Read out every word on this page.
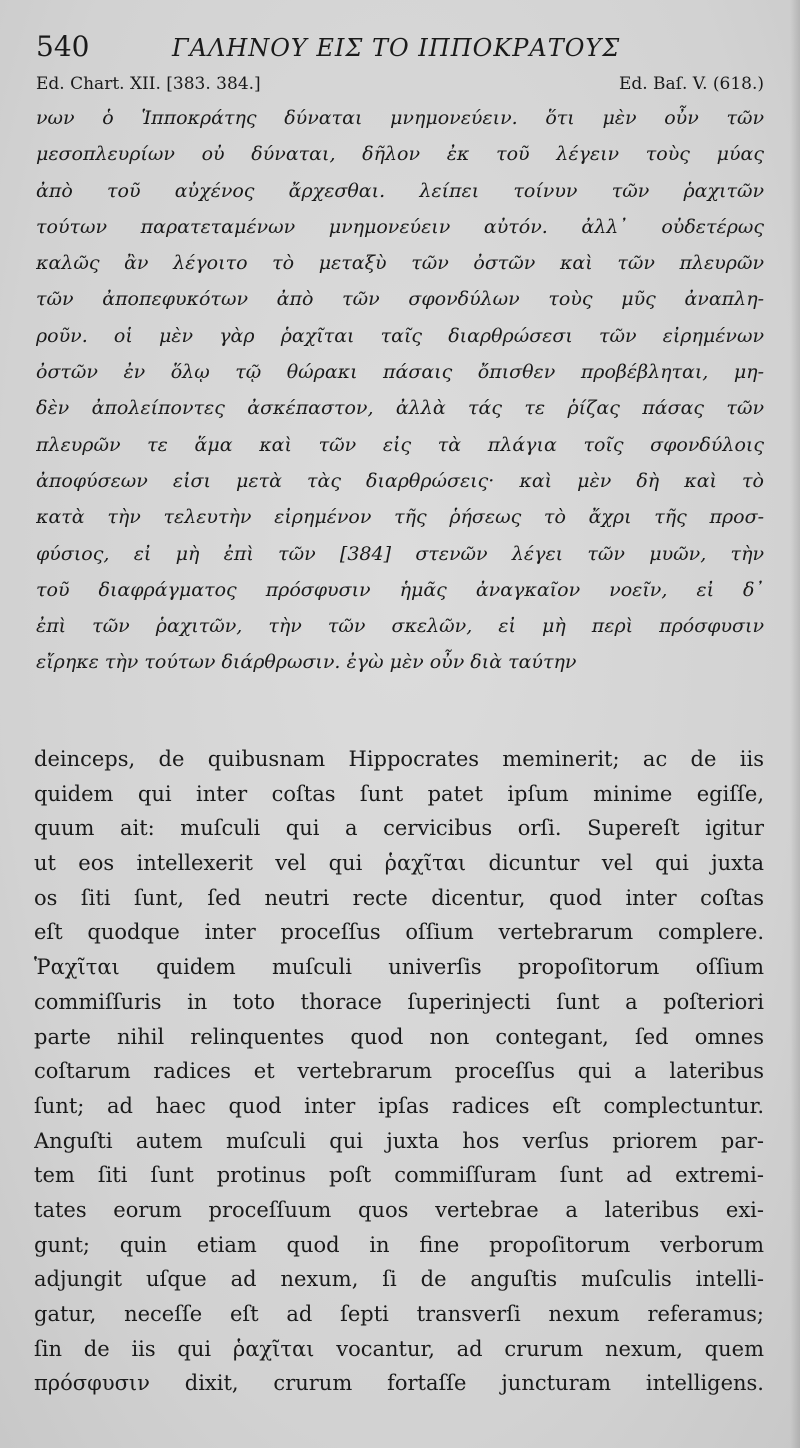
540	ΓΑΛΗΝΟΥ ΕΙΣ ΤΟ ΙΠΠΟΚΡΑΤΟΥΣ
Ed. Chart. XII. [383. 384.]	Ed. Baſ. V. (618.)
νων ὁ Ἱπποκράτης δύναται μνημονεύειν. ὅτι μὲν οὖν τῶν
μεσοπλευρίων οὐ δύναται, δῆλον ἐκ τοῦ λέγειν τοὺς μύας
ἀπὸ τοῦ αὐχένος ἄρχεσθαι. λείπει τοίνυν τῶν ῥαχιτῶν
τούτων παρατεταμένων μνημονεύειν αὐτόν. ἀλλ᾽ οὐδετέρως
καλῶς ἂν λέγοιτο τὸ μεταξὺ τῶν ὀστῶν καὶ τῶν πλευρῶν
τῶν ἀποπεφυκότων ἀπὸ τῶν σφονδύλων τοὺς μῦς ἀναπλη-
ροῦν. οἱ μὲν γὰρ ῥαχῖται ταῖς διαρθρώσεσι τῶν εἰρημένων
ὀστῶν ἐν ὅλῳ τῷ θώρακι πάσαις ὄπισθεν προβέβληται, μη-
δὲν ἀπολείποντες ἀσκέπαστον, ἀλλὰ τάς τε ῥίζας πάσας τῶν
πλευρῶν τε ἅμα καὶ τῶν εἰς τὰ πλάγια τοῖς σφονδύλοις
ἀποφύσεων εἰσι μετὰ τὰς διαρθρώσεις· καὶ μὲν δὴ καὶ τὸ
κατὰ τὴν τελευτὴν εἰρημένον τῆς ῥήσεως τὸ ἄχρι τῆς προσ-
φύσιος, εἰ μὴ ἐπὶ τῶν [384] στενῶν λέγει τῶν μυῶν, τὴν
τοῦ διαφράγματος πρόσφυσιν ἡμᾶς ἀναγκαῖον νοεῖν, εἰ δ᾽
ἐπὶ τῶν ῥαχιτῶν, τὴν τῶν σκελῶν, εἰ μὴ περὶ πρόσφυσιν
εἴρηκε τὴν τούτων διάρθρωσιν. ἐγὼ μὲν οὖν διὰ ταύτην
deinceps, de quibusnam Hippocrates meminerit; ac de iis
quidem qui inter coſtas ſunt patet ipſum minime egiſſe,
quum ait: muſculi qui a cervicibus orſi. Supereſt igitur
ut eos intellexerit vel qui ῥαχῖται dicuntur vel qui juxta
os ſiti ſunt, ſed neutri recte dicentur, quod inter coſtas
eſt quodque inter proceſſus oſſium vertebrarum complere.
Ῥαχῖται quidem muſculi univerſis propoſitorum oſſium
commiſſuris in toto thorace ſuperinjecti ſunt a poſteriori
parte nihil relinquentes quod non contegant, ſed omnes
coſtarum radices et vertebrarum proceſſus qui a lateribus
ſunt; ad haec quod inter ipſas radices eſt complectuntur.
Anguſti autem muſculi qui juxta hos verſus priorem par-
tem ſiti ſunt protinus poſt commiſſuram ſunt ad extremi-
tates eorum proceſſuum quos vertebrae a lateribus exi-
gunt; quin etiam quod in fine propoſitorum verborum
adjungit uſque ad nexum, ſi de anguſtis muſculis intelli-
gatur, neceſſe eſt ad ſepti transverſi nexum referamus;
ſin de iis qui ῥαχῖται vocantur, ad crurum nexum, quem
πρόσφυσιν dixit, crurum fortaſſe juncturam intelligens.
